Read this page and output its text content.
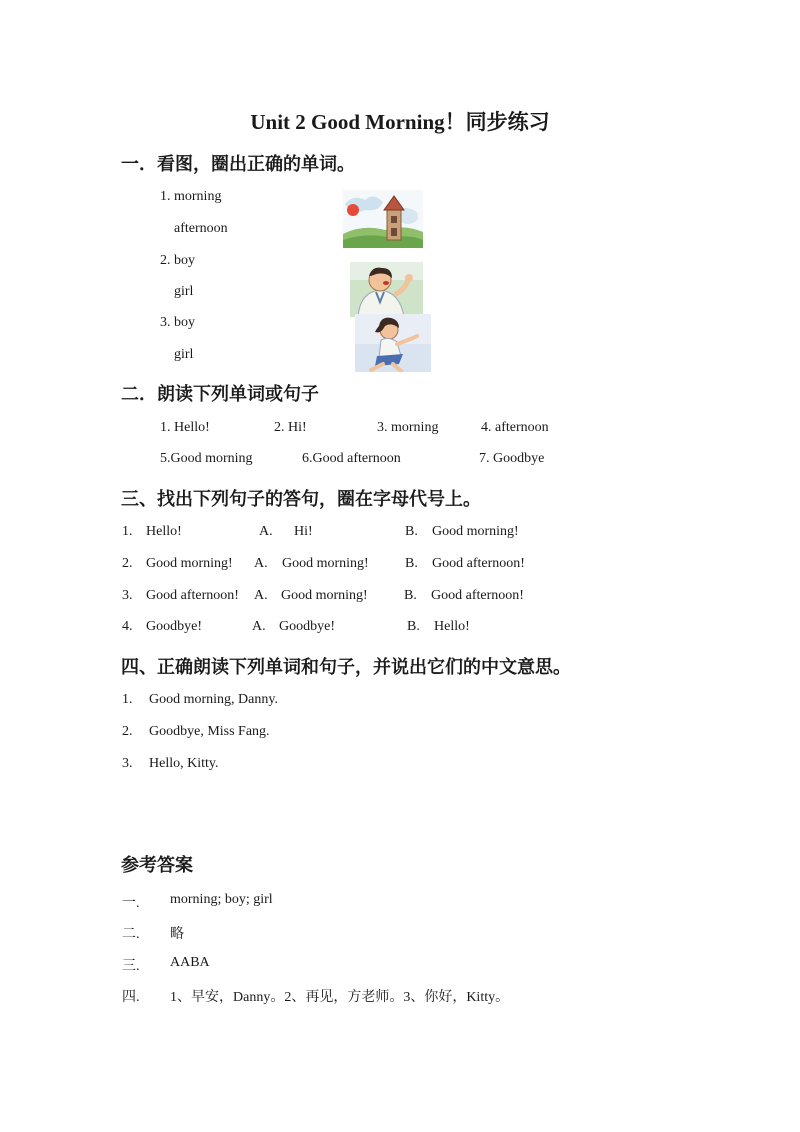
Unit 2 Good Morning！同步练习
一．看图，圈出正确的单词。
1. morning
afternoon
2. boy
girl
3. boy
girl
二．朗读下列单词或句子
1. Hello!	2. Hi!	3. morning	4. afternoon
5.Good morning	6.Good afternoon	7. Goodbye
三、找出下列句子的答句，圈在字母代号上。
1. Hello!	A. Hi!	B. Good morning!
2. Good morning! A. Good morning!	B. Good afternoon!
3. Good afternoon! A. Good morning!	B. Good afternoon!
4. Goodbye!	A. Goodbye!	B. Hello!
四、正确朗读下列单词和句子，并说出它们的中文意思。
1. Good morning, Danny.
2. Goodbye, Miss Fang.
3. Hello, Kitty.
参考答案
一. morning; boy; girl
二. 略
三. AABA
四. 1、早安，Danny。2、再见，方老师。3、你好，Kitty。
